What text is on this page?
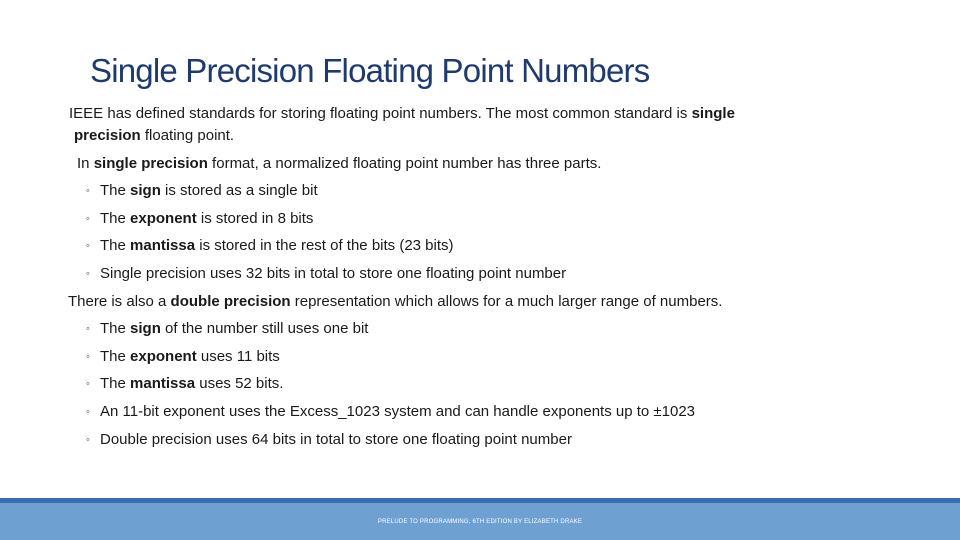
Single Precision Floating Point Numbers
IEEE has defined standards for storing floating point numbers. The most common standard is single
precision floating point.
In single precision format, a normalized floating point number has three parts.
◦ The sign is stored as a single bit
◦ The exponent is stored in 8 bits
◦ The mantissa is stored in the rest of the bits (23 bits)
◦ Single precision uses 32 bits in total to store one floating point number
There is also a double precision representation which allows for a much larger range of numbers.
◦ The sign of the number still uses one bit
◦ The exponent uses 11 bits
◦ The mantissa uses 52 bits.
◦ An 11-bit exponent uses the Excess_1023 system and can handle exponents up to ±1023
◦ Double precision uses 64 bits in total to store one floating point number
PRELUDE TO PROGRAMMING, 6TH EDITION BY ELIZABETH DRAKE
